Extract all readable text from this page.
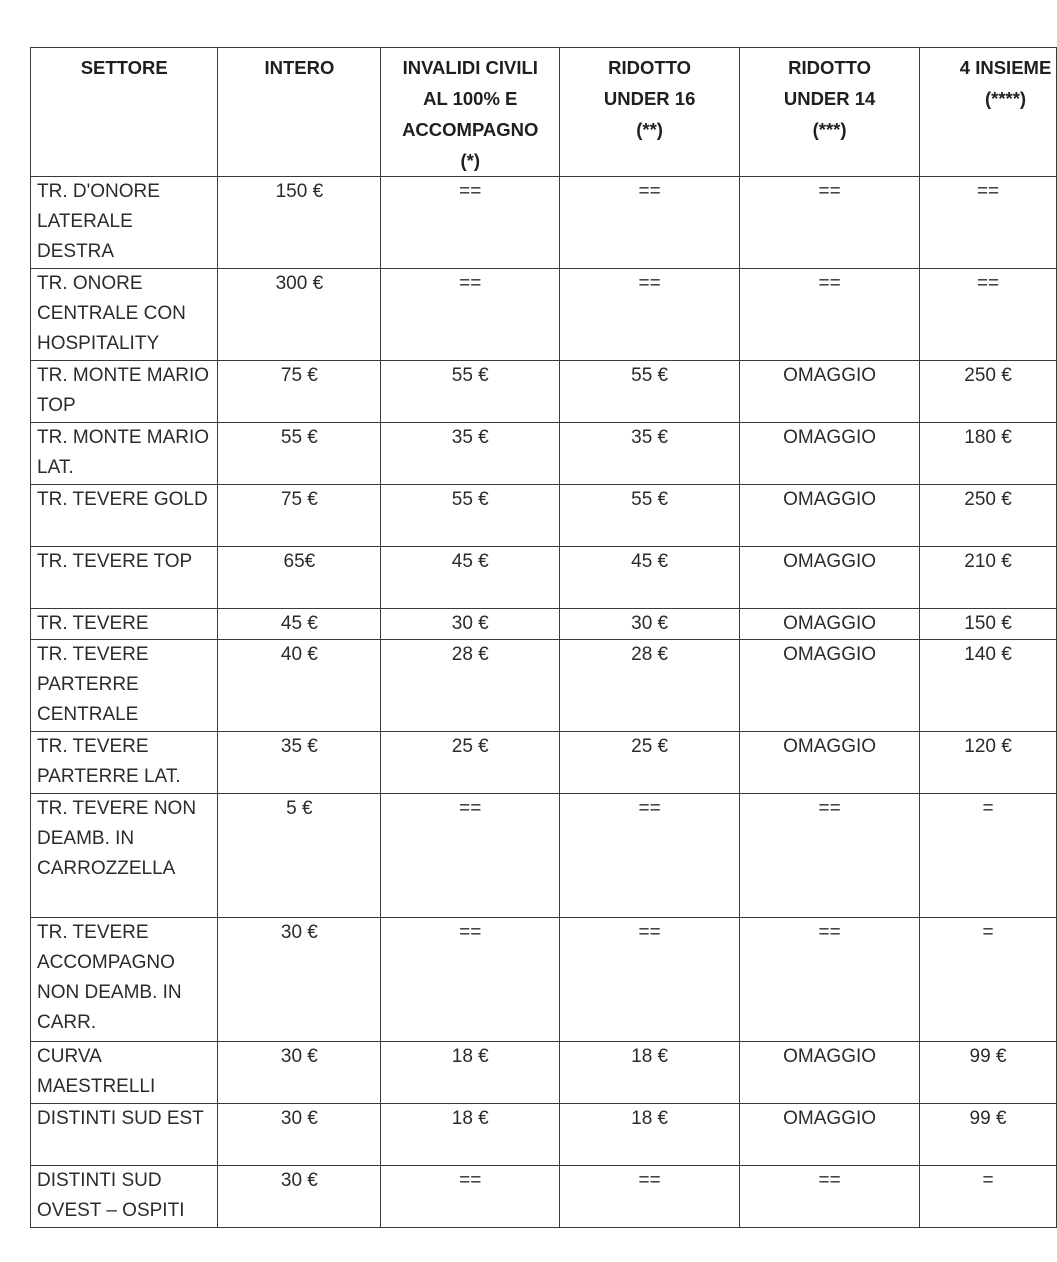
SETTORE	INTERO	INVALIDI CIVILI AL 100% E ACCOMPAGNO (*)	RIDOTTO UNDER 16 (**)	RIDOTTO UNDER 14 (***)	4 INSIEME (****)

TR. D'ONORE LATERALE DESTRA	150 €	==	==	==	==

TR. ONORE CENTRALE CON HOSPITALITY	300 €	==	==	==	==

TR. MONTE MARIO TOP	75 €	55 €	55 €	OMAGGIO	250 €

TR. MONTE MARIO LAT.	55 €	35 €	35 €	OMAGGIO	180 €

TR. TEVERE GOLD	75 €	55 €	55 €	OMAGGIO	250 €

TR. TEVERE TOP	65€	45 €	45 €	OMAGGIO	210 €

TR. TEVERE	45 €	30 €	30 €	OMAGGIO	150 €

TR. TEVERE PARTERRE CENTRALE	40 €	28 €	28 €	OMAGGIO	140 €

TR. TEVERE PARTERRE LAT.	35 €	25 €	25 €	OMAGGIO	120 €

TR. TEVERE NON DEAMB. IN CARROZZELLA	5 €	==	==	==	=

TR. TEVERE ACCOMPAGNO NON DEAMB. IN CARR.	30 €	==	==	==	=

CURVA MAESTRELLI	30 €	18 €	18 €	OMAGGIO	99 €

DISTINTI SUD EST	30 €	18 €	18 €	OMAGGIO	99 €

DISTINTI SUD OVEST – OSPITI	30 €	==	==	==	=
